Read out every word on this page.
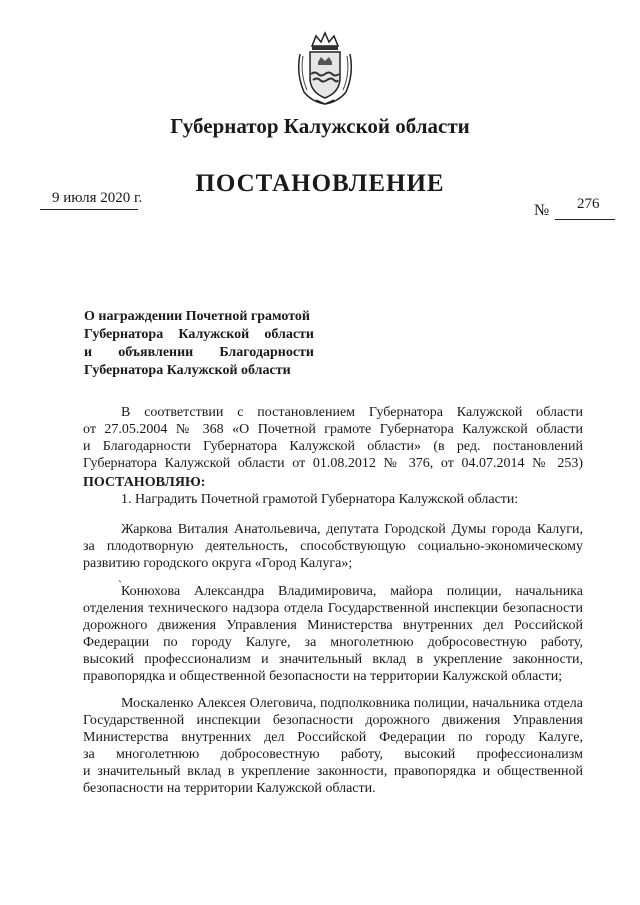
Губернатор Калужской области
ПОСТАНОВЛЕНИЕ
9 июля 2020 г.
№ 276
О награждении Почетной грамотой
Губернатора Калужской области
и объявлении Благодарности
Губернатора Калужской области
В соответствии с постановлением Губернатора Калужской области
от 27.05.2004 № 368 «О Почетной грамоте Губернатора Калужской области
и Благодарности Губернатора Калужской области» (в ред. постановлений
Губернатора Калужской области от 01.08.2012 № 376, от 04.07.2014 № 253)
ПОСТАНОВЛЯЮ:
1. Наградить Почетной грамотой Губернатора Калужской области:
Жаркова Виталия Анатольевича, депутата Городской Думы города Калуги,
за плодотворную деятельность, способствующую социально-экономическому
развитию городского округа «Город Калуга»;
` Конюхова Александра Владимировича, майора полиции, начальника
отделения технического надзора отдела Государственной инспекции безопасности
дорожного движения Управления Министерства внутренних дел Российской
Федерации по городу Калуге, за многолетнюю добросовестную работу,
высокий профессионализм и значительный вклад в укрепление законности,
правопорядка и общественной безопасности на территории Калужской области;
Москаленко Алексея Олеговича, подполковника полиции, начальника отдела
Государственной инспекции безопасности дорожного движения Управления
Министерства внутренних дел Российской Федерации по городу Калуге,
за многолетнюю добросовестную работу, высокий профессионализм
и значительный вклад в укрепление законности, правопорядка и общественной
безопасности на территории Калужской области.
